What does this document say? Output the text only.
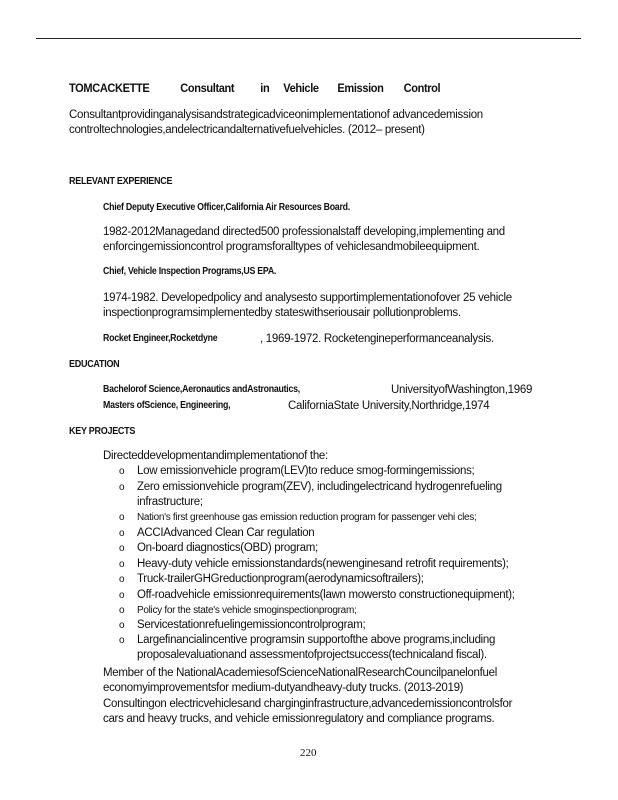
TOMCACKETTE	Consultant in Vehicle Emission Control
Consultantprovidinganalysisandstrategicadviceonimplementationof advancedemission controltechnologies,andelectricandalternativefuelvehicles. (2012– present)
RELEVANT EXPERIENCE
Chief Deputy Executive Officer,California Air Resources Board.
1982-2012Managedand directed500 professionalstaff developing,implementing and
enforcingemissioncontrol programsforalltypes of vehiclesandmobileequipment.
Chief, Vehicle Inspection Programs,US EPA.
1974-1982. Developedpolicy and analysesto supportimplementationofover 25 vehicle
inspectionprogramsimplementedby stateswithseriousair pollutionproblems.
Rocket Engineer,Rocketdyne	, 1969-1972. Rocketengineperformanceanalysis.
EDUCATION
Bachelorof Science,Aeronautics andAstronautics,	UniversityofWashington,1969
Masters ofScience, Engineering,	CaliforniaState University,Northridge,1974
KEY PROJECTS
Directeddevelopmentandimplementationof the:
o Low emissionvehicle program(LEV)to reduce smog-formingemissions;
o Zero emissionvehicle program(ZEV), includingelectricand hydrogenrefueling
infrastructure;
o Nation's first greenhouse gas emission reduction program for passenger vehi cles;
o ACCIAdvanced Clean Car regulation
o On-board diagnostics(OBD) program;
o Heavy-duty vehicle emissionstandards(newenginesand retrofit requirements);
o Truck-trailerGHGreductionprogram(aerodynamicsoftrailers);
o Off-roadvehicle emissionrequirements(lawn mowersto constructionequipment);
o Policy for the state's vehicle smoginspectionprogram;
o Servicestationrefuelingemissioncontrolprogram;
o Largefinancialincentive programsin supportofthe above programs,including
proposalevaluationand assessmentofprojectsuccess(technicaland fiscal).
Member of the NationalAcademiesofScienceNationalResearchCouncilpanelonfuel
economyimprovementsfor medium-dutyandheavy-duty trucks. (2013-2019)
Consultingon electricvehiclesand charginginfrastructure,advancedemissioncontrolsfor
cars and heavy trucks, and vehicle emissionregulatory and compliance programs.
220
